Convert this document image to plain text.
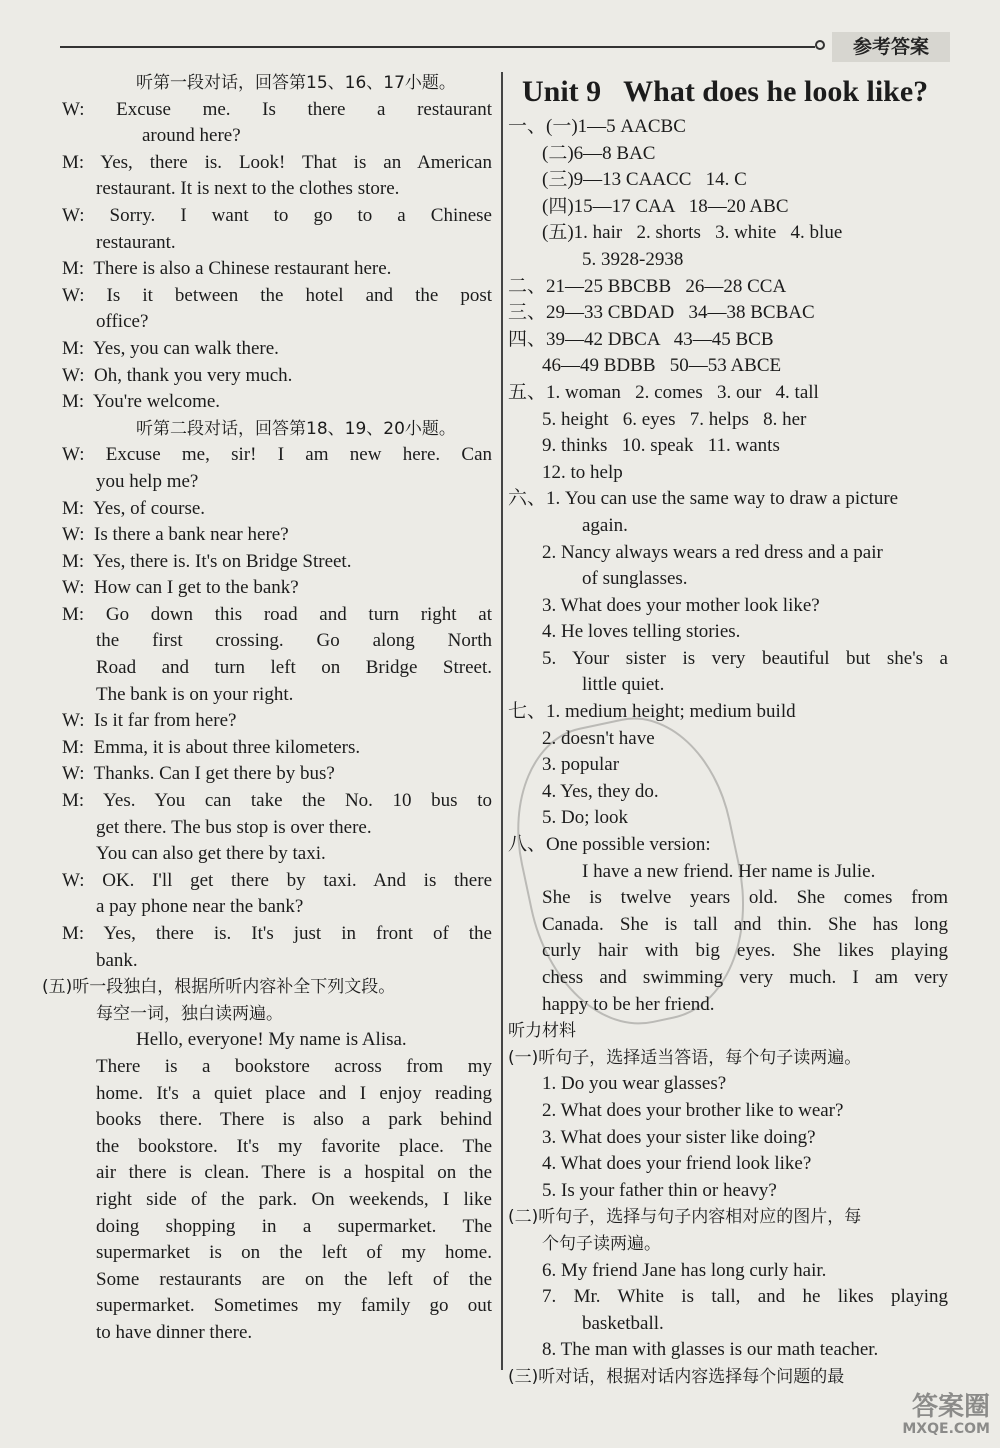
参考答案
听第一段对话，回答第15、16、17小题。
W: Excuse me. Is there a restaurant
around here?
M: Yes, there is. Look! That is an American
restaurant. It is next to the clothes store.
W: Sorry. I want to go to a Chinese
restaurant.
M:  There is also a Chinese restaurant here.
W: Is it between the hotel and the post
office?
M:  Yes, you can walk there.
W:  Oh, thank you very much.
M:  You're welcome.
听第二段对话，回答第18、19、20小题。
W: Excuse me, sir! I am new here. Can
you help me?
M:  Yes, of course.
W:  Is there a bank near here?
M:  Yes, there is. It's on Bridge Street.
W:  How can I get to the bank?
M: Go down this road and turn right at
the first crossing. Go along North
Road and turn left on Bridge Street.
The bank is on your right.
W:  Is it far from here?
M:  Emma, it is about three kilometers.
W:  Thanks. Can I get there by bus?
M: Yes. You can take the No. 10 bus to
get there. The bus stop is over there.
You can also get there by taxi.
W: OK. I'll get there by taxi. And is there
a pay phone near the bank?
M: Yes, there is. It's just in front of the
bank.
(五)听一段独白，根据所听内容补全下列文段。
每空一词，独白读两遍。
Hello, everyone! My name is Alisa.
There is a bookstore across from my
home. It's a quiet place and I enjoy reading
books there. There is also a park behind
the bookstore. It's my favorite place. The
air there is clean. There is a hospital on the
right side of the park. On weekends, I like
doing shopping in a supermarket. The
supermarket is on the left of my home.
Some restaurants are on the left of the
supermarket. Sometimes my family go out
to have dinner there.
Unit 9   What does he look like?
一、(一)1—5 AACBC
(二)6—8 BAC
(三)9—13 CAACC   14. C
(四)15—17 CAA   18—20 ABC
(五)1. hair   2. shorts   3. white   4. blue
5. 3928-2938
二、21—25 BBCBB   26—28 CCA
三、29—33 CBDAD   34—38 BCBAC
四、39—42 DBCA   43—45 BCB
46—49 BDBB   50—53 ABCE
五、1. woman   2. comes   3. our   4. tall
5. height   6. eyes   7. helps   8. her
9. thinks   10. speak   11. wants
12. to help
六、1. You can use the same way to draw a picture
again.
2. Nancy always wears a red dress and a pair
of sunglasses.
3. What does your mother look like?
4. He loves telling stories.
5. Your sister is very beautiful but she's a
little quiet.
七、1. medium height; medium build
2. doesn't have
3. popular
4. Yes, they do.
5. Do; look
八、One possible version:
I have a new friend. Her name is Julie.
She is twelve years old. She comes from
Canada. She is tall and thin. She has long
curly hair with big eyes. She likes playing
chess and swimming very much. I am very
happy to be her friend.
听力材料
(一)听句子，选择适当答语，每个句子读两遍。
1. Do you wear glasses?
2. What does your brother like to wear?
3. What does your sister like doing?
4. What does your friend look like?
5. Is your father thin or heavy?
(二)听句子，选择与句子内容相对应的图片，每
个句子读两遍。
6. My friend Jane has long curly hair.
7. Mr. White is tall, and he likes playing
basketball.
8. The man with glasses is our math teacher.
(三)听对话，根据对话内容选择每个问题的最
答案圈
MXQE.COM
